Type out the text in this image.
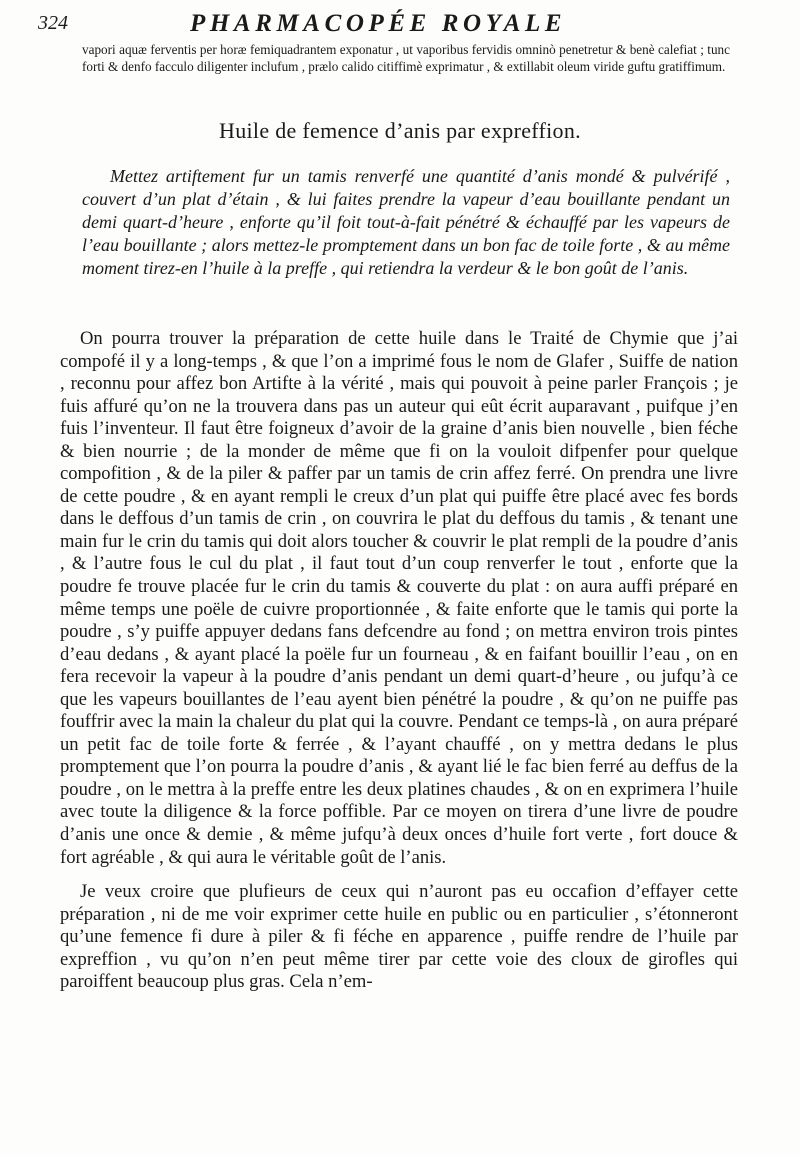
324	PHARMACOPÉE ROYALE
vapori aquæ ferventis per horæ femiquadrantem exponatur , ut vaporibus fervidis omninò penetretur & benè calefiat ; tunc forti & denfo facculo diligenter inclufum , prælo calido citiffimè exprimatur , & extillabit oleum viride guftu gratiffimum.
Huile de femence d’anis par expreffion.
Mettez artiftement fur un tamis renverfé une quantité d’anis mondé & pulvérifé , couvert d’un plat d’étain , & lui faites prendre la vapeur d’eau bouillante pendant un demi quart-d’heure , enforte qu’il foit tout-à-fait pénétré & échauffé par les vapeurs de l’eau bouillante ; alors mettez-le promptement dans un bon fac de toile forte , & au même moment tirez-en l’huile à la preffe , qui retiendra la verdeur & le bon goût de l’anis.

On pourra trouver la préparation de cette huile dans le Traité de Chymie que j’ai compofé il y a long-temps , & que l’on a imprimé fous le nom de Glafer , Suiffe de nation , reconnu pour affez bon Artifte à la vérité , mais qui pouvoit à peine parler François ; je fuis affuré qu’on ne la trouvera dans pas un auteur qui eût écrit auparavant , puifque j’en fuis l’inventeur. Il faut être foigneux d’avoir de la graine d’anis bien nouvelle , bien féche & bien nourrie ; de la monder de même que fi on la vouloit difpenfer pour quelque compofition , & de la piler & paffer par un tamis de crin affez ferré. On prendra une livre de cette poudre , & en ayant rempli le creux d’un plat qui puiffe être placé avec fes bords dans le deffous d’un tamis de crin , on couvrira le plat du deffous du tamis , & tenant une main fur le crin du tamis qui doit alors toucher & couvrir le plat rempli de la poudre d’anis , & l’autre fous le cul du plat , il faut tout d’un coup renverfer le tout , enforte que la poudre fe trouve placée fur le crin du tamis & couverte du plat : on aura auffi préparé en même temps une poële de cuivre proportionnée , & faite enforte que le tamis qui porte la poudre , s’y puiffe appuyer dedans fans defcendre au fond ; on mettra environ trois pintes d’eau dedans , & ayant placé la poële fur un fourneau , & en faifant bouillir l’eau , on en fera recevoir la vapeur à la poudre d’anis pendant un demi quart-d’heure , ou jufqu’à ce que les vapeurs bouillantes de l’eau ayent bien pénétré la poudre , & qu’on ne puiffe pas fouffrir avec la main la chaleur du plat qui la couvre. Pendant ce temps-là , on aura préparé un petit fac de toile forte & ferrée , & l’ayant chauffé , on y mettra dedans le plus promptement que l’on pourra la poudre d’anis , & ayant lié le fac bien ferré au deffus de la poudre , on le mettra à la preffe entre les deux platines chaudes , & on en exprimera l’huile avec toute la diligence & la force poffible. Par ce moyen on tirera d’une livre de poudre d’anis une once & demie , & même jufqu’à deux onces d’huile fort verte , fort douce & fort agréable , & qui aura le véritable goût de l’anis.

Je veux croire que plufieurs de ceux qui n’auront pas eu occafion d’effayer cette préparation , ni de me voir exprimer cette huile en public ou en particulier , s’étonneront qu’une femence fi dure à piler & fi féche en apparence , puiffe rendre de l’huile par expreffion , vu qu’on n’en peut même tirer par cette voie des cloux de girofles qui paroiffent beaucoup plus gras. Cela n’em-
